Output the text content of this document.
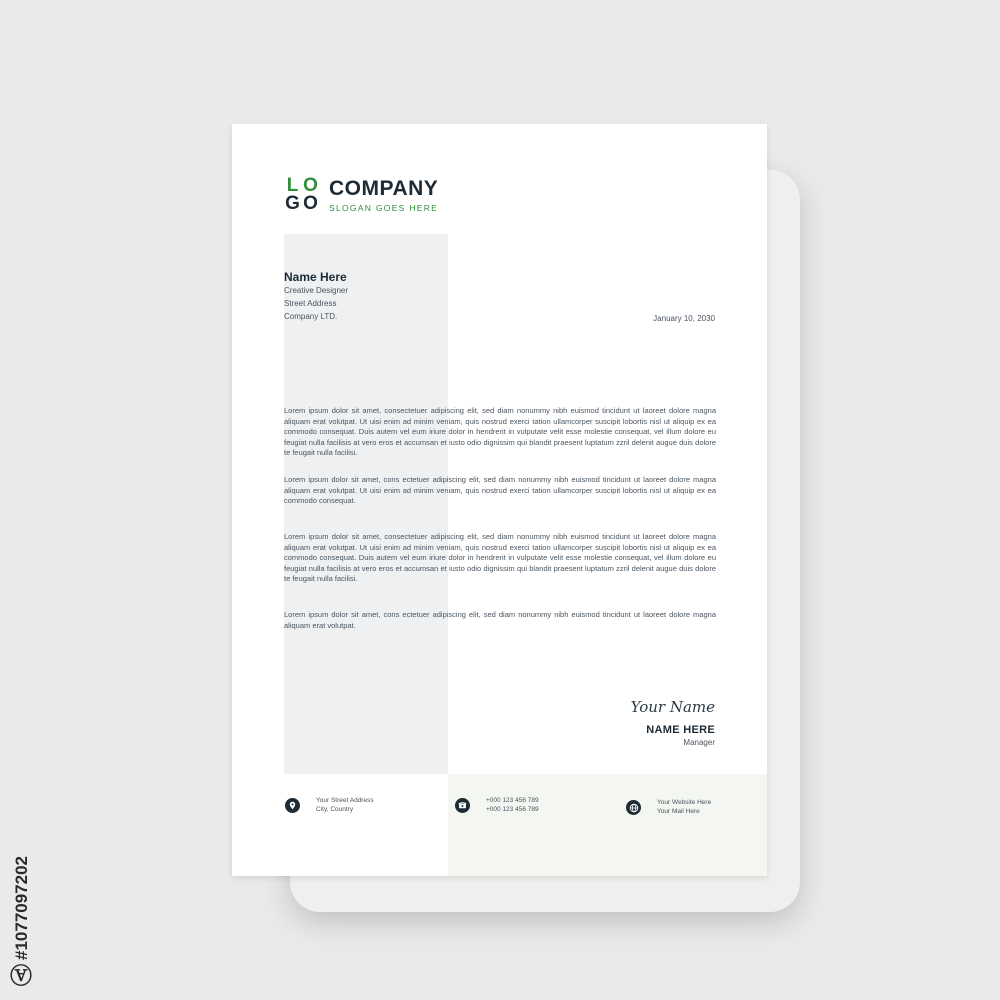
L O
G O
COMPANY
SLOGAN GOES HERE
Name Here
Creative Designer
Street Address
Company LTD.	January 10, 2030

Lorem ipsum dolor sit amet, consectetuer adipiscing elit, sed diam nonummy nibh euismod tincidunt ut laoreet dolore magna aliquam erat volutpat. Ut uisi enim ad minim veniam, quis nostrud exerci tation ullamcorper suscipit lobortis nisl ut aliquip ex ea commodo consequat. Duis autem vel eum iriure dolor in hendrerit in vulputate velit esse molestie consequat, vel illum dolore eu feugiat nulla facilisis at vero eros et accumsan et iusto odio dignissim qui blandit praesent luptatum zzril delenit augue duis dolore te feugait nulla facilisi.

Lorem ipsum dolor sit amet, cons ectetuer adipiscing elit, sed diam nonummy nibh euismod tincidunt ut laoreet dolore magna aliquam erat volutpat. Ut uisi enim ad minim veniam, quis nostrud exerci tation ullamcorper suscipit lobortis nisl ut aliquip ex ea commodo consequat.

Lorem ipsum dolor sit amet, consectetuer adipiscing elit, sed diam nonummy nibh euismod tincidunt ut laoreet dolore magna aliquam erat volutpat. Ut uisi enim ad minim veniam, quis nostrud exerci tation ullamcorper suscipit lobortis nisl ut aliquip ex ea commodo consequat. Duis autem vel eum iriure dolor in hendrerit in vulputate velit esse molestie consequat, vel illum dolore eu feugiat nulla facilisis at vero eros et accumsan et iusto odio dignissim qui blandit praesent luptatum zzril delenit augue duis dolore te feugait nulla facilisi.

Lorem ipsum dolor sit amet, cons ectetuer adipiscing elit, sed diam nonummy nibh euismod tincidunt ut laoreet dolore magna aliquam erat volutpat.

Your Name
NAME HERE
Manager
Your Street Address
City, Country
+000 123 456 789
+000 123 456 789
Your Website Here
Your Mail Here
Ⓐ
#1077097202
